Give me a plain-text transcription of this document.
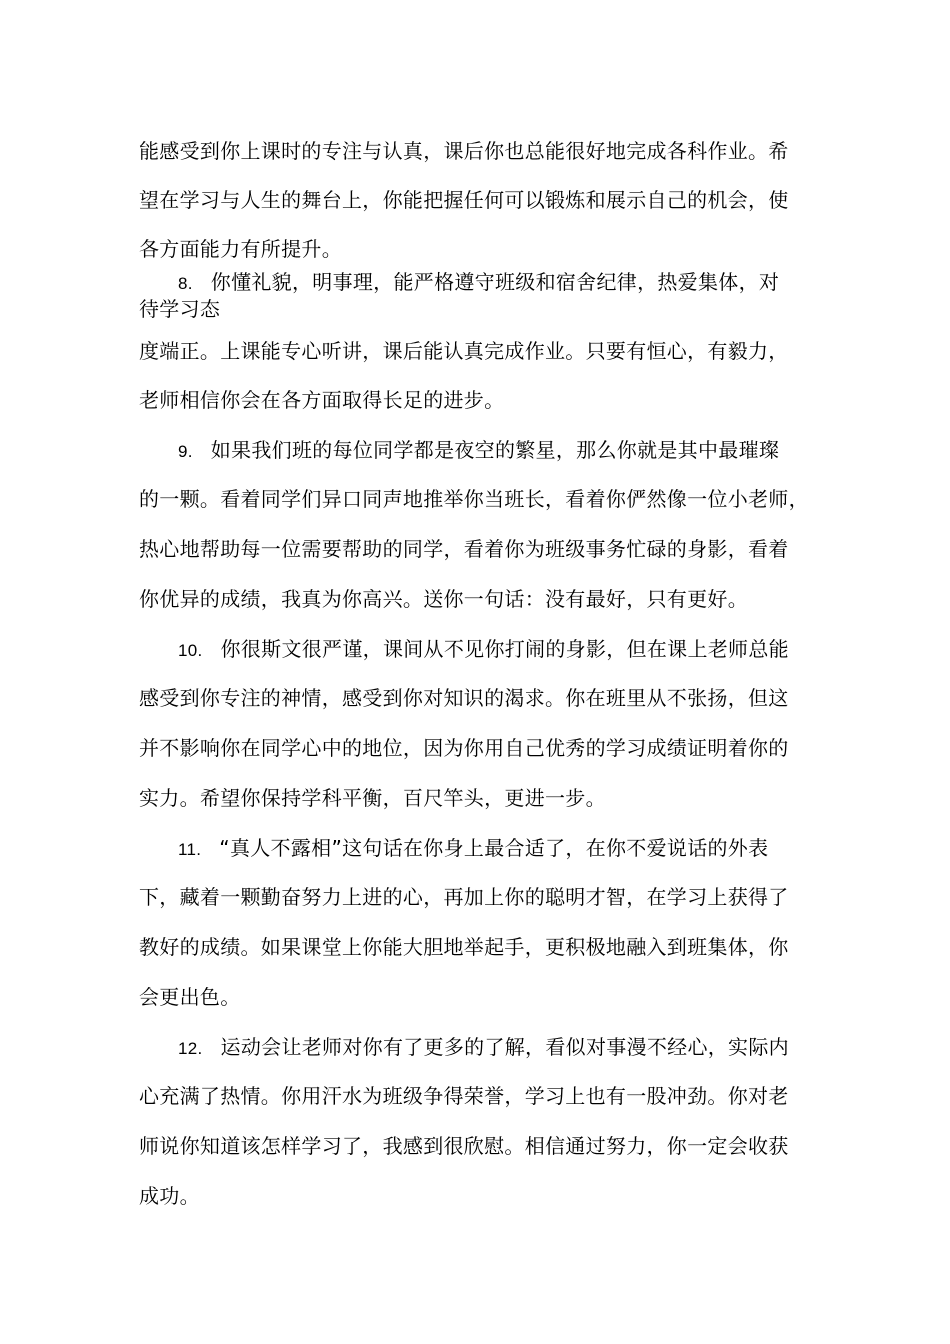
能感受到你上课时的专注与认真，课后你也总能很好地完成各科作业。希
望在学习与人生的舞台上，你能把握任何可以锻炼和展示自己的机会，使
各方面能力有所提升。
8. 你懂礼貌，明事理，能严格遵守班级和宿舍纪律，热爱集体，对
待学习态
度端正。上课能专心听讲，课后能认真完成作业。只要有恒心，有毅力，
老师相信你会在各方面取得长足的进步。
9. 如果我们班的每位同学都是夜空的繁星，那么你就是其中最璀璨
的一颗。看着同学们异口同声地推举你当班长，看着你俨然像一位小老师，
热心地帮助每一位需要帮助的同学，看着你为班级事务忙碌的身影，看着
你优异的成绩，我真为你高兴。送你一句话：没有最好，只有更好。
10. 你很斯文很严谨，课间从不见你打闹的身影，但在课上老师总能
感受到你专注的神情，感受到你对知识的渴求。你在班里从不张扬，但这
并不影响你在同学心中的地位，因为你用自己优秀的学习成绩证明着你的
实力。希望你保持学科平衡，百尺竿头，更进一步。
11. “真人不露相”这句话在你身上最合适了，在你不爱说话的外表
下，藏着一颗勤奋努力上进的心，再加上你的聪明才智，在学习上获得了
教好的成绩。如果课堂上你能大胆地举起手，更积极地融入到班集体，你
会更出色。
12. 运动会让老师对你有了更多的了解，看似对事漫不经心，实际内
心充满了热情。你用汗水为班级争得荣誉，学习上也有一股冲劲。你对老
师说你知道该怎样学习了，我感到很欣慰。相信通过努力，你一定会收获
成功。
